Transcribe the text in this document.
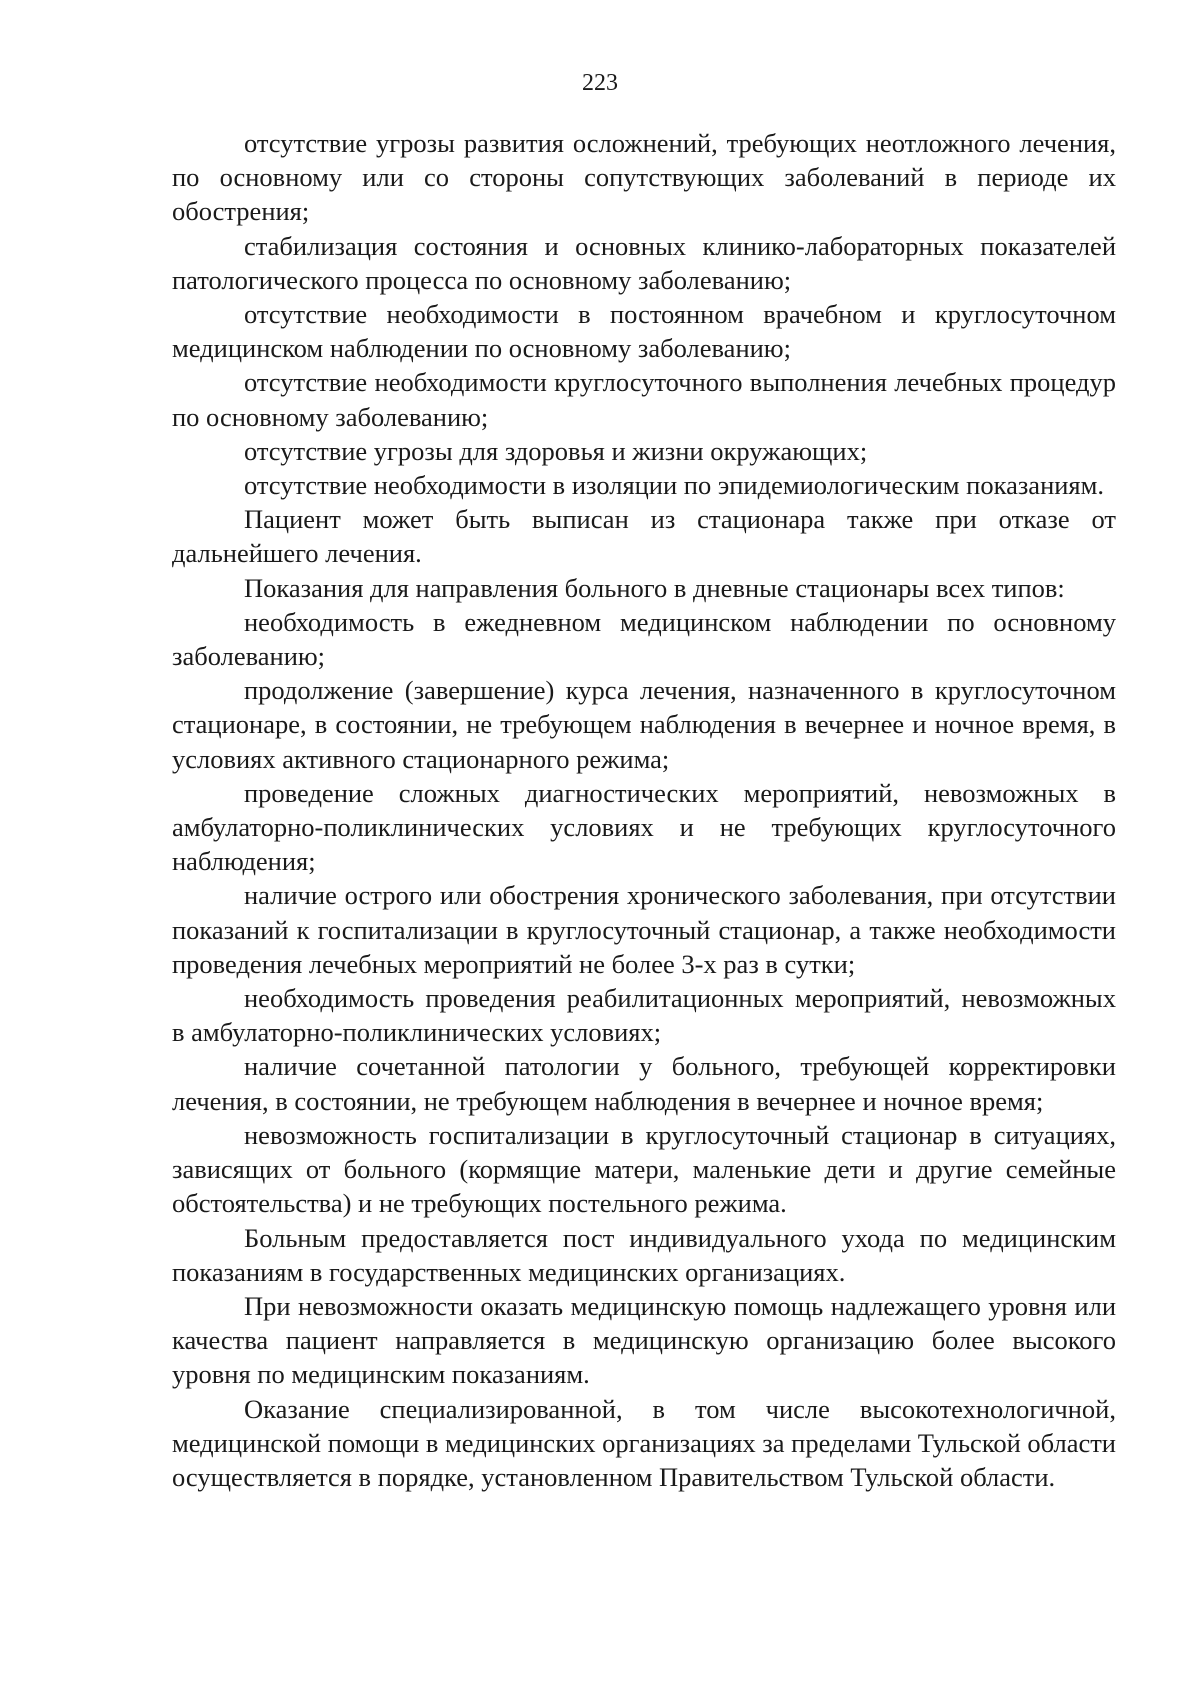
223

отсутствие угрозы развития осложнений, требующих неотложного лечения, по основному или со стороны сопутствующих заболеваний в периоде их обострения;

стабилизация состояния и основных клинико-лабораторных показателей патологического процесса по основному заболеванию;

отсутствие необходимости в постоянном врачебном и круглосуточном медицинском наблюдении по основному заболеванию;

отсутствие необходимости круглосуточного выполнения лечебных процедур по основному заболеванию;

отсутствие угрозы для здоровья и жизни окружающих;

отсутствие необходимости в изоляции по эпидемиологическим показаниям.

Пациент может быть выписан из стационара также при отказе от дальнейшего лечения.

Показания для направления больного в дневные стационары всех типов:

необходимость в ежедневном медицинском наблюдении по основному заболеванию;

продолжение (завершение) курса лечения, назначенного в круглосуточном стационаре, в состоянии, не требующем наблюдения в вечернее и ночное время, в условиях активного стационарного режима;

проведение сложных диагностических мероприятий, невозможных в амбулаторно-поликлинических условиях и не требующих круглосуточного наблюдения;

наличие острого или обострения хронического заболевания, при отсутствии показаний к госпитализации в круглосуточный стационар, а также необходимости проведения лечебных мероприятий не более 3-х раз в сутки;

необходимость проведения реабилитационных мероприятий, невозможных в амбулаторно-поликлинических условиях;

наличие сочетанной патологии у больного, требующей корректировки лечения, в состоянии, не требующем наблюдения в вечернее и ночное время;

невозможность госпитализации в круглосуточный стационар в ситуациях, зависящих от больного (кормящие матери, маленькие дети и другие семейные обстоятельства) и не требующих постельного режима.

Больным предоставляется пост индивидуального ухода по медицинским показаниям в государственных медицинских организациях.

При невозможности оказать медицинскую помощь надлежащего уровня или качества пациент направляется в медицинскую организацию более высокого уровня по медицинским показаниям.

Оказание специализированной, в том числе высокотехнологичной, медицинской помощи в медицинских организациях за пределами Тульской области осуществляется в порядке, установленном Правительством Тульской области.
